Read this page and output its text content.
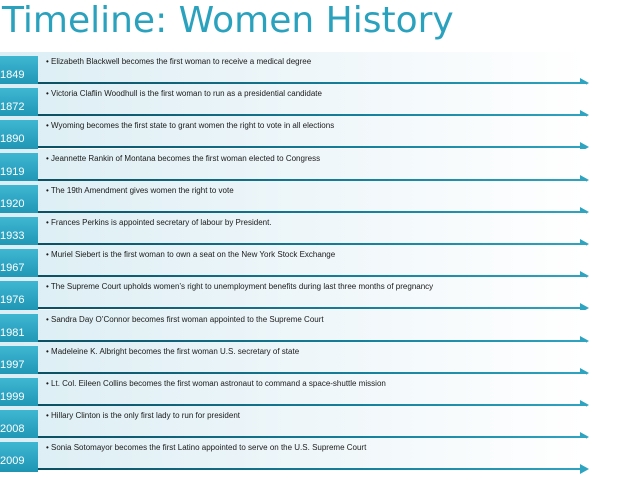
Timeline: Women History
1849
• Elizabeth Blackwell becomes the first woman to receive a medical degree
1872
• Victoria Claflin Woodhull is the first woman to run as a presidential candidate
1890
• Wyoming becomes the first state to grant women the right to vote in all elections
1919
• Jeannette Rankin of Montana becomes the first woman elected to Congress
1920
• The 19th Amendment gives women the right to vote
1933
• Frances Perkins is appointed secretary of labour by President.
1967
• Muriel Siebert is the first woman to own a seat on the New York Stock Exchange
1976
• The Supreme Court upholds women’s right to unemployment benefits during last three months of pregnancy
1981
• Sandra Day O’Connor becomes first woman appointed to the Supreme Court
1997
• Madeleine K. Albright becomes the first woman U.S. secretary of state
1999
• Lt. Col. Eileen Collins becomes the first woman astronaut to command a space-shuttle mission
2008
• Hillary Clinton is the only first lady to run for president
2009
• Sonia Sotomayor becomes the first Latino appointed to serve on the U.S. Supreme Court
